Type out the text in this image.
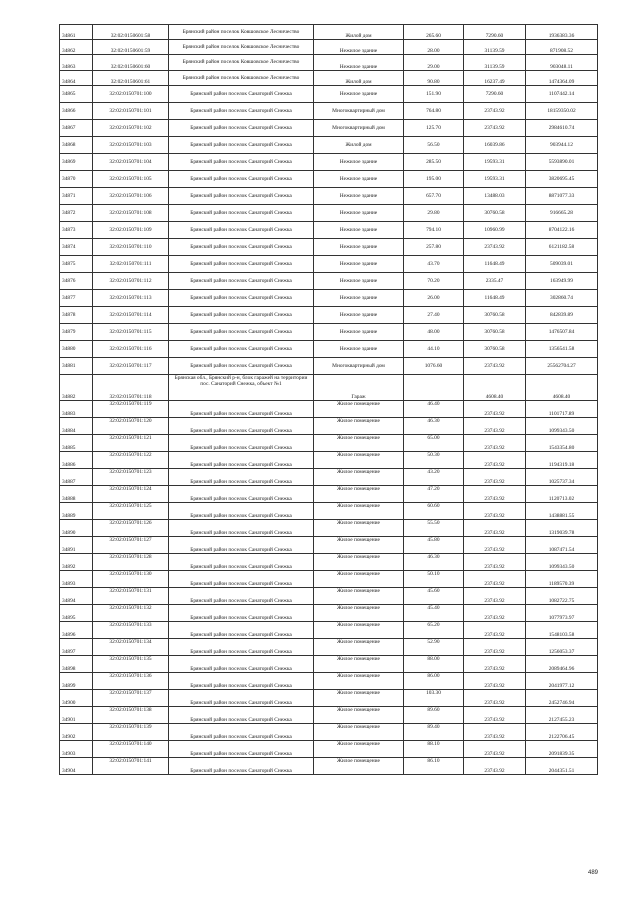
34861	32:02:0150601:58	Брянский район поселок Ковшовское Лесничество	Жилой дом	265.60	7290.60	1936383.36
34862	32:02:0150601:59	Брянский район поселок Ковшовское Лесничество	Нежилое здание	28.00	31139.59	871908.52
34863	32:02:0150601:60	Брянский район поселок Ковшовское Лесничество	Нежилое здание	29.00	31139.59	903048.11
34864	32:02:0150601:61	Брянский район поселок Ковшовское Лесничество	Жилой дом	90.80	16237.49	1474364.09
34865	32:02:0150701:100	Брянский район поселок Санаторий Снежка	Нежилое здание	151.90	7290.60	1107442.14
34866	32:02:0150701:101	Брянский район поселок Санаторий Снежка	Многоквартирный дом	764.80	23743.92	18159350.02
34867	32:02:0150701:102	Брянский район поселок Санаторий Снежка	Многоквартирный дом	125.70	23743.92	2984610.74
34868	32:02:0150701:103	Брянский район поселок Санаторий Снежка	Жилой дом	56.50	16039.86	903944.12
34869	32:02:0150701:104	Брянский район поселок Санаторий Снежка	Нежилое здание	285.50	19593.31	5593890.01
34870	32:02:0150701:105	Брянский район поселок Санаторий Снежка	Нежилое здание	195.00	19593.31	3820695.45
34871	32:02:0150701:106	Брянский район поселок Санаторий Снежка	Нежилое здание	657.70	13488.03	8871077.33
34872	32:02:0150701:108	Брянский район поселок Санаторий Снежка	Нежилое здание	29.80	30760.58	916665.28
34873	32:02:0150701:109	Брянский район поселок Санаторий Снежка	Нежилое здание	794.10	10960.99	8704122.16
34874	32:02:0150701:110	Брянский район поселок Санаторий Снежка	Нежилое здание	257.80	23743.92	6121182.58
34875	32:02:0150701:111	Брянский район поселок Санаторий Снежка	Нежилое здание	43.70	11648.49	509039.01
34876	32:02:0150701:112	Брянский район поселок Санаторий Снежка	Нежилое здание	70.20	2335.47	163949.99
34877	32:02:0150701:113	Брянский район поселок Санаторий Снежка	Нежилое здание	26.00	11648.49	302860.74
34878	32:02:0150701:114	Брянский район поселок Санаторий Снежка	Нежилое здание	27.40	30760.58	842839.89
34879	32:02:0150701:115	Брянский район поселок Санаторий Снежка	Нежилое здание	48.00	30760.58	1476507.84
34880	32:02:0150701:116	Брянский район поселок Санаторий Снежка	Нежилое здание	44.10	30760.58	1356541.58
34881	32:02:0150701:117	Брянский район поселок Санаторий Снежка	Многоквартирный дом	1076.60	23743.92	25562704.27
34882	32:02:0150701:118	Брянская обл., Брянский р-н, блок гаражей на территории пос. Санаторий Снежка, объект №1	Гараж		4608.40	4608.40
34883	32:02:0150701:119	Брянский район поселок Санаторий Снежка	Жилое помещение	46.40	23743.92	1101717.89
34884	32:02:0150701:120	Брянский район поселок Санаторий Снежка	Жилое помещение	46.30	23743.92	1099343.50
34885	32:02:0150701:121	Брянский район поселок Санаторий Снежка	Жилое помещение	65.00	23743.92	1543354.80
34886	32:02:0150701:122	Брянский район поселок Санаторий Снежка	Жилое помещение	50.30	23743.92	1194319.18
34887	32:02:0150701:123	Брянский район поселок Санаторий Снежка	Жилое помещение	43.20	23743.92	1025737.34
34888	32:02:0150701:124	Брянский район поселок Санаторий Снежка	Жилое помещение	47.20	23743.92	1120713.02
34889	32:02:0150701:125	Брянский район поселок Санаторий Снежка	Жилое помещение	60.60	23743.92	1438881.55
34890	32:02:0150701:126	Брянский район поселок Санаторий Снежка	Жилое помещение	55.50	23743.92	1319039.78
34891	32:02:0150701:127	Брянский район поселок Санаторий Снежка	Жилое помещение	45.80	23743.92	1087471.54
34892	32:02:0150701:128	Брянский район поселок Санаторий Снежка	Жилое помещение	46.30	23743.92	1099343.50
34893	32:02:0150701:130	Брянский район поселок Санаторий Снежка	Жилое помещение	50.10	23743.92	1189570.39
34894	32:02:0150701:131	Брянский район поселок Санаторий Снежка	Жилое помещение	45.60	23743.92	1082722.75
34895	32:02:0150701:132	Брянский район поселок Санаторий Снежка	Жилое помещение	45.40	23743.92	1077973.97
34896	32:02:0150701:133	Брянский район поселок Санаторий Снежка	Жилое помещение	65.20	23743.92	1548103.58
34897	32:02:0150701:134	Брянский район поселок Санаторий Снежка	Жилое помещение	52.90	23743.92	1256053.37
34898	32:02:0150701:135	Брянский район поселок Санаторий Снежка	Жилое помещение	88.00	23743.92	2089464.96
34899	32:02:0150701:136	Брянский район поселок Санаторий Снежка	Жилое помещение	86.00	23743.92	2041977.12
34900	32:02:0150701:137	Брянский район поселок Санаторий Снежка	Жилое помещение	103.30	23743.92	2452746.94
34901	32:02:0150701:138	Брянский район поселок Санаторий Снежка	Жилое помещение	89.60	23743.92	2127455.23
34902	32:02:0150701:139	Брянский район поселок Санаторий Снежка	Жилое помещение	89.40	23743.92	2122706.45
34903	32:02:0150701:140	Брянский район поселок Санаторий Снежка	Жилое помещение	88.10	23743.92	2091839.35
34904	32:02:0150701:141	Брянский район поселок Санаторий Снежка	Жилое помещение	86.10	23743.92	2044351.51
489
